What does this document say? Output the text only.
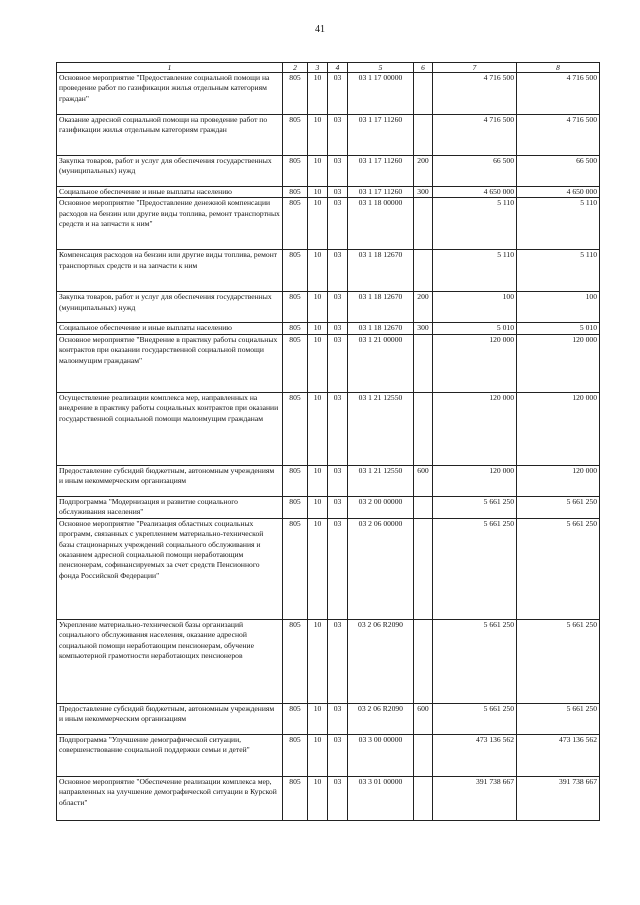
41
1	2	3	4	5	6	7	8
Основное мероприятие "Предоставление социальной помощи на проведение работ по газификации жилья отдельным категориям граждан"	805	10	03	03 1 17 00000		4 716 500	4 716 500
Оказание адресной социальной помощи на проведение работ по газификации жилья отдельным категориям граждан	805	10	03	03 1 17 11260		4 716 500	4 716 500
Закупка товаров, работ и услуг для обеспечения государственных (муниципальных) нужд	805	10	03	03 1 17 11260	200	66 500	66 500
Социальное обеспечение и иные выплаты населению	805	10	03	03 1 17 11260	300	4 650 000	4 650 000
Основное мероприятие "Предоставление денежной компенсации расходов на бензин или другие виды топлива, ремонт транспортных средств и на запчасти к ним"	805	10	03	03 1 18 00000		5 110	5 110
Компенсация расходов на бензин или другие виды топлива, ремонт транспортных средств и на запчасти к ним	805	10	03	03 1 18 12670		5 110	5 110
Закупка товаров, работ и услуг для обеспечения государственных (муниципальных) нужд	805	10	03	03 1 18 12670	200	100	100
Социальное обеспечение и иные выплаты населению	805	10	03	03 1 18 12670	300	5 010	5 010
Основное мероприятие "Внедрение в практику работы социальных контрактов при оказании государственной социальной помощи малоимущим гражданам"	805	10	03	03 1 21 00000		120 000	120 000
Осуществление реализации комплекса мер, направленных на внедрение в практику работы социальных контрактов при оказании государственной социальной помощи малоимущим гражданам	805	10	03	03 1 21 12550		120 000	120 000
Предоставление субсидий бюджетным, автономным учреждениям и иным некоммерческим организациям	805	10	03	03 1 21 12550	600	120 000	120 000
Подпрограмма "Модернизация и развитие социального обслуживания населения"	805	10	03	03 2 00 00000		5 661 250	5 661 250
Основное мероприятие "Реализация областных социальных программ, связанных с укреплением материально-технической базы стационарных учреждений социального обслуживания и оказанием адресной социальной помощи неработающим пенсионерам, софинансируемых за счет средств Пенсионного фонда Российской Федерации"	805	10	03	03 2 06 00000		5 661 250	5 661 250
Укрепление материально-технической базы организаций социального обслуживания населения, оказание адресной социальной помощи неработающим пенсионерам, обучение компьютерной грамотности неработающих пенсионеров	805	10	03	03 2 06 R2090		5 661 250	5 661 250
Предоставление субсидий бюджетным, автономным учреждениям и иным некоммерческим организациям	805	10	03	03 2 06 R2090	600	5 661 250	5 661 250
Подпрограмма "Улучшение демографической ситуации, совершенствование социальной поддержки семьи и детей"	805	10	03	03 3 00 00000		473 136 562	473 136 562
Основное мероприятие "Обеспечение реализации комплекса мер, направленных на улучшение демографической ситуации в Курской области"	805	10	03	03 3 01 00000		391 738 667	391 738 667
